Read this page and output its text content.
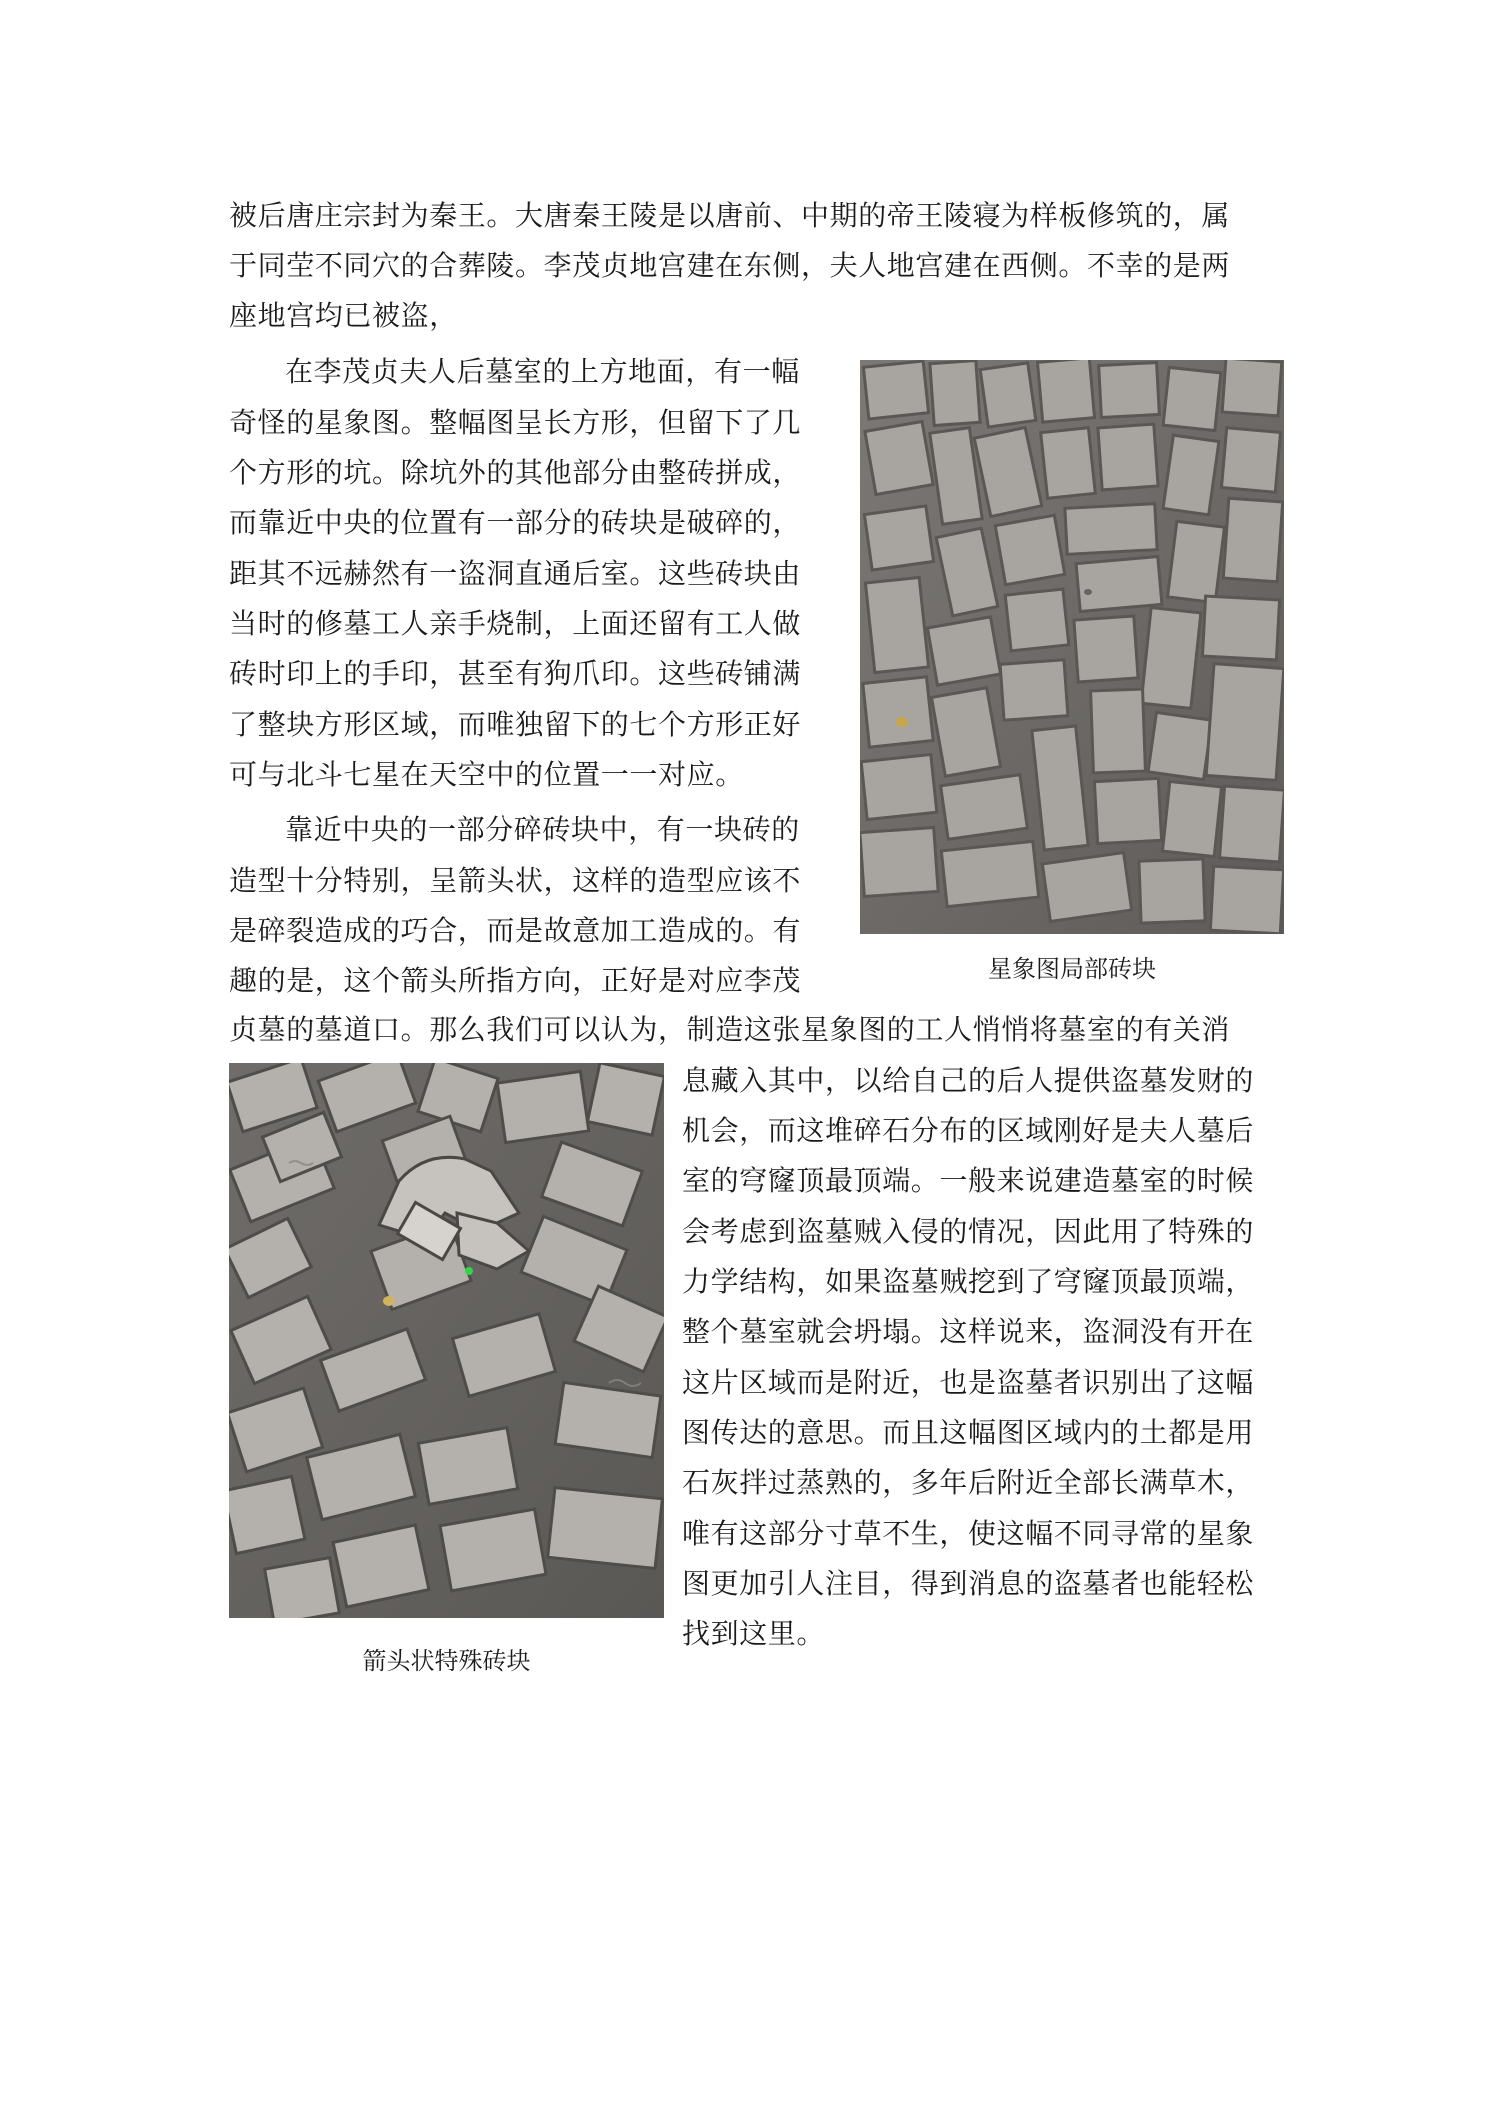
被后唐庄宗封为秦王。大唐秦王陵是以唐前、中期的帝王陵寝为样板修筑的，属
于同茔不同穴的合葬陵。李茂贞地宫建在东侧，夫人地宫建在西侧。不幸的是两
座地宫均已被盗，
在李茂贞夫人后墓室的上方地面，有一幅
奇怪的星象图。整幅图呈长方形，但留下了几
个方形的坑。除坑外的其他部分由整砖拼成，
而靠近中央的位置有一部分的砖块是破碎的，
距其不远赫然有一盗洞直通后室。这些砖块由
当时的修墓工人亲手烧制，上面还留有工人做
砖时印上的手印，甚至有狗爪印。这些砖铺满
了整块方形区域，而唯独留下的七个方形正好
可与北斗七星在天空中的位置一一对应。
靠近中央的一部分碎砖块中，有一块砖的
造型十分特别，呈箭头状，这样的造型应该不
是碎裂造成的巧合，而是故意加工造成的。有
趣的是，这个箭头所指方向，正好是对应李茂
贞墓的墓道口。那么我们可以认为，制造这张星象图的工人悄悄将墓室的有关消
息藏入其中，以给自己的后人提供盗墓发财的
机会，而这堆碎石分布的区域刚好是夫人墓后
室的穹窿顶最顶端。一般来说建造墓室的时候
会考虑到盗墓贼入侵的情况，因此用了特殊的
力学结构，如果盗墓贼挖到了穹窿顶最顶端，
整个墓室就会坍塌。这样说来，盗洞没有开在
这片区域而是附近，也是盗墓者识别出了这幅
图传达的意思。而且这幅图区域内的土都是用
石灰拌过蒸熟的，多年后附近全部长满草木，
唯有这部分寸草不生，使这幅不同寻常的星象
图更加引人注目，得到消息的盗墓者也能轻松
找到这里。
星象图局部砖块
箭头状特殊砖块
